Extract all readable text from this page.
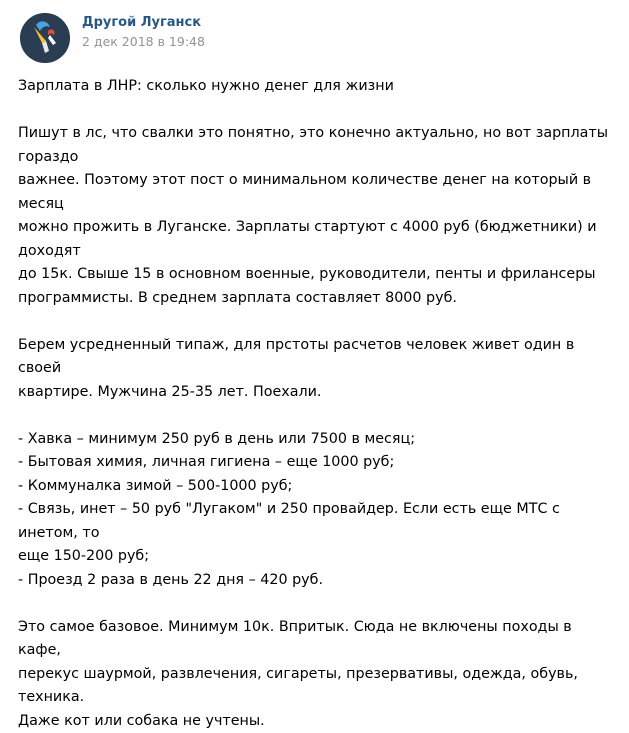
Другой Луганск
2 дек 2018 в 19:48

Зарплата в ЛНР: сколько нужно денег для жизни

Пишут в лс, что свалки это понятно, это конечно актуально, но вот зарплаты гораздо

важнее. Поэтому этот пост о минимальном количестве денег на который в месяц

можно прожить в Луганске. Зарплаты стартуют с 4000 руб (бюджетники) и доходят

до 15к. Свыше 15 в основном военные, руководители, пенты и фрилансеры

программисты. В среднем зарплата составляет 8000 руб.

Берем усредненный типаж, для прстоты расчетов человек живет один в своей

квартире. Мужчина 25-35 лет. Поехали.

- Хавка – минимум 250 руб в день или 7500 в месяц;

- Бытовая химия, личная гигиена – еще 1000 руб;

- Коммуналка зимой – 500-1000 руб;

- Связь, инет – 50 руб "Лугаком" и 250 провайдер. Если есть еще МТС с инетом, то

еще 150-200 руб;

- Проезд 2 раза в день 22 дня – 420 руб.

Это самое базовое. Минимум 10к. Впритык. Сюда не включены походы в кафе,

перекус шаурмой, развлечения, сигареты, презервативы, одежда, обувь, техника.

Даже кот или собака не учтены.
